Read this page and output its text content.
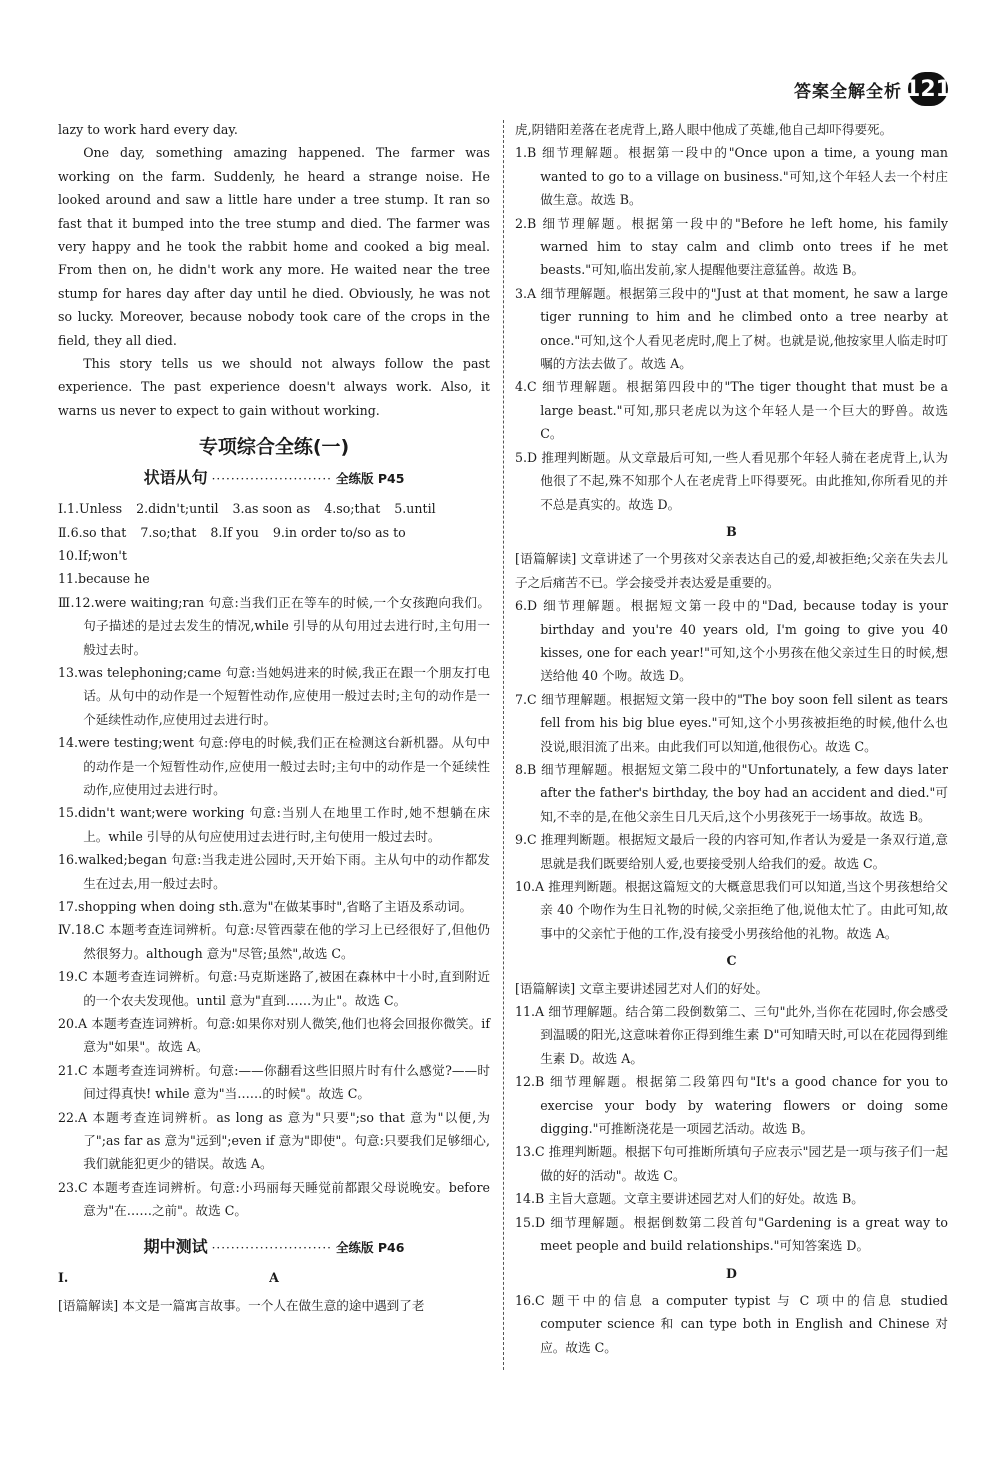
答案全解全析 121

lazy to work hard every day.

One day, something amazing happened. The farmer was working on the farm. Suddenly, he heard a strange noise. He looked around and saw a little hare under a tree stump. It ran so fast that it bumped into the tree stump and died. The farmer was very happy and he took the rabbit home and cooked a big meal. From then on, he didn't work any more. He waited near the tree stump for hares day after day until he died. Obviously, he was not so lucky. Moreover, because nobody took care of the crops in the field, they all died.

This story tells us we should not always follow the past experience. The past experience doesn't always work. Also, it warns us never to expect to gain without working.

专项综合全练(一)
状语从句 ························· 全练版 P45
Ⅰ.1.Unless 2.didn't;until 3.as soon as 4.so;that 5.until
Ⅱ.6.so that 7.so;that 8.If you 9.in order to/so as to
10.If;won't

11.because he

Ⅲ.12.were waiting;ran 句意:当我们正在等车的时候,一个女孩跑向我们。句子描述的是过去发生的情况,while 引导的从句用过去进行时,主句用一般过去时。

13.was telephoning;came 句意:当她妈进来的时候,我正在跟一个朋友打电话。从句中的动作是一个短暂性动作,应使用一般过去时;主句的动作是一个延续性动作,应使用过去进行时。

14.were testing;went 句意:停电的时候,我们正在检测这台新机器。从句中的动作是一个短暂性动作,应使用一般过去时;主句中的动作是一个延续性动作,应使用过去进行时。

15.didn't want;were working 句意:当别人在地里工作时,她不想躺在床上。while 引导的从句应使用过去进行时,主句使用一般过去时。

16.walked;began 句意:当我走进公园时,天开始下雨。主从句中的动作都发生在过去,用一般过去时。

17.shopping when doing sth.意为"在做某事时",省略了主语及系动词。

Ⅳ.18.C 本题考查连词辨析。句意:尽管西蒙在他的学习上已经很好了,但他仍然很努力。although 意为"尽管;虽然",故选 C。

19.C 本题考查连词辨析。句意:马克斯迷路了,被困在森林中十小时,直到附近的一个农夫发现他。until 意为"直到……为止"。故选 C。

20.A 本题考查连词辨析。句意:如果你对别人微笑,他们也将会回报你微笑。if 意为"如果"。故选 A。

21.C 本题考查连词辨析。句意:——你翻看这些旧照片时有什么感觉?——时间过得真快! while 意为"当……的时候"。故选 C。

22.A 本题考查连词辨析。as long as 意为"只要";so that 意为"以便,为了";as far as 意为"远到";even if 意为"即使"。句意:只要我们足够细心,我们就能犯更少的错误。故选 A。

23.C 本题考查连词辨析。句意:小玛丽每天睡觉前都跟父母说晚安。before 意为"在……之前"。故选 C。

期中测试 ························· 全练版 P46
Ⅰ.	A

[语篇解读] 本文是一篇寓言故事。一个人在做生意的途中遇到了老

虎,阴错阳差落在老虎背上,路人眼中他成了英雄,他自己却吓得要死。

1.B 细节理解题。根据第一段中的"Once upon a time, a young man wanted to go to a village on business."可知,这个年轻人去一个村庄做生意。故选 B。

2.B 细节理解题。根据第一段中的"Before he left home, his family warned him to stay calm and climb onto trees if he met beasts."可知,临出发前,家人提醒他要注意猛兽。故选 B。

3.A 细节理解题。根据第三段中的"Just at that moment, he saw a large tiger running to him and he climbed onto a tree nearby at once."可知,这个人看见老虎时,爬上了树。也就是说,他按家里人临走时叮嘱的方法去做了。故选 A。

4.C 细节理解题。根据第四段中的"The tiger thought that must be a large beast."可知,那只老虎以为这个年轻人是一个巨大的野兽。故选 C。

5.D 推理判断题。从文章最后可知,一些人看见那个年轻人骑在老虎背上,认为他很了不起,殊不知那个人在老虎背上吓得要死。由此推知,你所看见的并不总是真实的。故选 D。

B

[语篇解读] 文章讲述了一个男孩对父亲表达自己的爱,却被拒绝;父亲在失去儿子之后痛苦不已。学会接受并表达爱是重要的。

6.D 细节理解题。根据短文第一段中的"Dad, because today is your birthday and you're 40 years old, I'm going to give you 40 kisses, one for each year!"可知,这个小男孩在他父亲过生日的时候,想送给他 40 个吻。故选 D。

7.C 细节理解题。根据短文第一段中的"The boy soon fell silent as tears fell from his big blue eyes."可知,这个小男孩被拒绝的时候,他什么也没说,眼泪流了出来。由此我们可以知道,他很伤心。故选 C。

8.B 细节理解题。根据短文第二段中的"Unfortunately, a few days later after the father's birthday, the boy had an accident and died."可知,不幸的是,在他父亲生日几天后,这个小男孩死于一场事故。故选 B。

9.C 推理判断题。根据短文最后一段的内容可知,作者认为爱是一条双行道,意思就是我们既要给别人爱,也要接受别人给我们的爱。故选 C。

10.A 推理判断题。根据这篇短文的大概意思我们可以知道,当这个男孩想给父亲 40 个吻作为生日礼物的时候,父亲拒绝了他,说他太忙了。由此可知,故事中的父亲忙于他的工作,没有接受小男孩给他的礼物。故选 A。

C

[语篇解读] 文章主要讲述园艺对人们的好处。

11.A 细节理解题。结合第二段倒数第二、三句"此外,当你在花园时,你会感受到温暖的阳光,这意味着你正得到维生素 D"可知晴天时,可以在花园得到维生素 D。故选 A。

12.B 细节理解题。根据第二段第四句"It's a good chance for you to exercise your body by watering flowers or doing some digging."可推断浇花是一项园艺活动。故选 B。

13.C 推理判断题。根据下句可推断所填句子应表示"园艺是一项与孩子们一起做的好的活动"。故选 C。

14.B 主旨大意题。文章主要讲述园艺对人们的好处。故选 B。

15.D 细节理解题。根据倒数第二段首句"Gardening is a great way to meet people and build relationships."可知答案选 D。

D

16.C 题干中的信息 a computer typist 与 C 项中的信息 studied computer science 和 can type both in English and Chinese 对应。故选 C。
